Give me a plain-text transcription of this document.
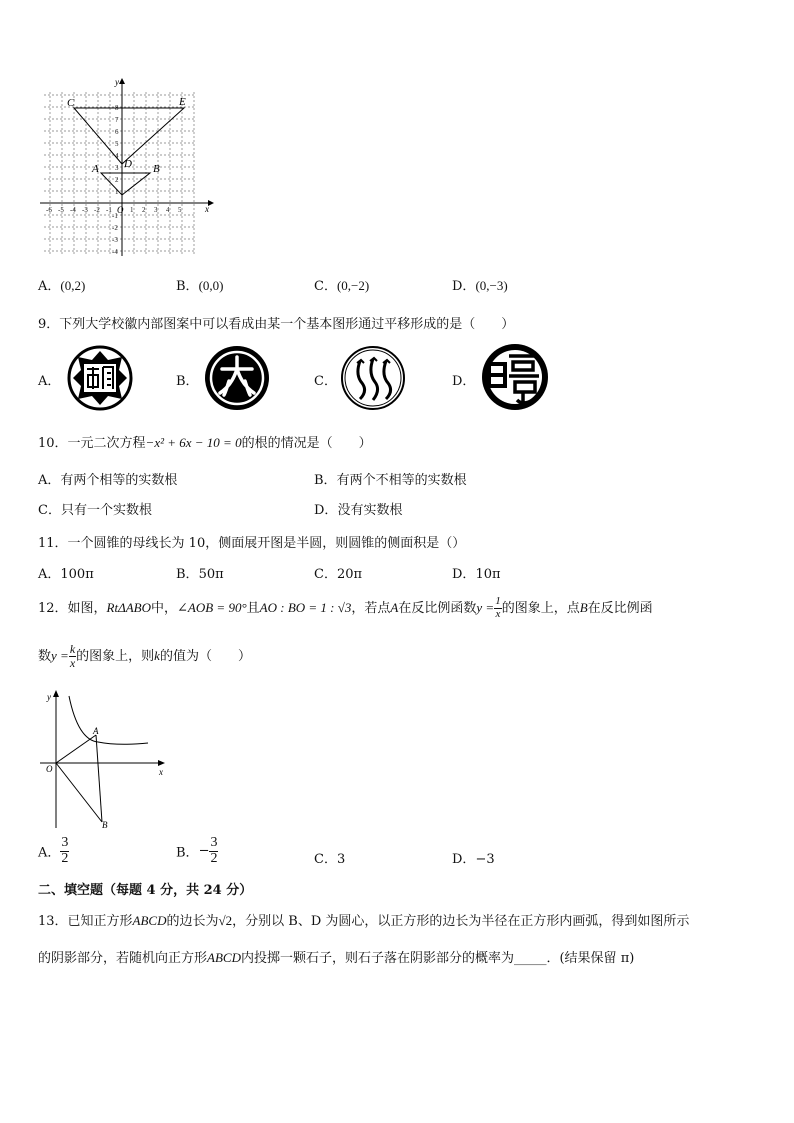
-6 -5 -4 -3 -2 -1	1 2 3 4 5
8
7
6
5
4
3
2
1
-1
-2
-3
-4
C	E
A	B
D
O	x
y
A．(0,2)	B．(0,0)	C．(0,−2)	D．(0,−3)
9．下列大学校徽内部图案中可以看成由某一个基本图形通过平移形成的是（　　）
A．	B．	C．	D．
10．一元二次方程−x² + 6x − 10 = 0的根的情况是（　　）
A．有两个相等的实数根	B．有两个不相等的实数根
C．只有一个实数根	D．没有实数根
11．一个圆锥的母线长为 10，侧面展开图是半圆，则圆锥的侧面积是（）
A．100π	B．50π	C．20π	D．10π
12．如图，RtΔABO中，∠AOB = 90°且AO : BO = 1 : √3，若点A在反比例函数$y = \frac{1}{x}$ 的图象上，点B在反比例函
数$y = \frac{k}{x}$ 的图象上，则k的值为（　　）
y
x
O
A
B
A． $\frac{3}{2}$	B．− $\frac{3}{2}$	C．3	D．−3
二、填空题（每题 4 分，共 24 分）
13．已知正方形ABCD的边长为√2，分别以 B、D 为圆心，以正方形的边长为半径在正方形内画弧，得到如图所示
的阴影部分，若随机向正方形ABCD内投掷一颗石子，则石子落在阴影部分的概率为_____．(结果保留 π)
